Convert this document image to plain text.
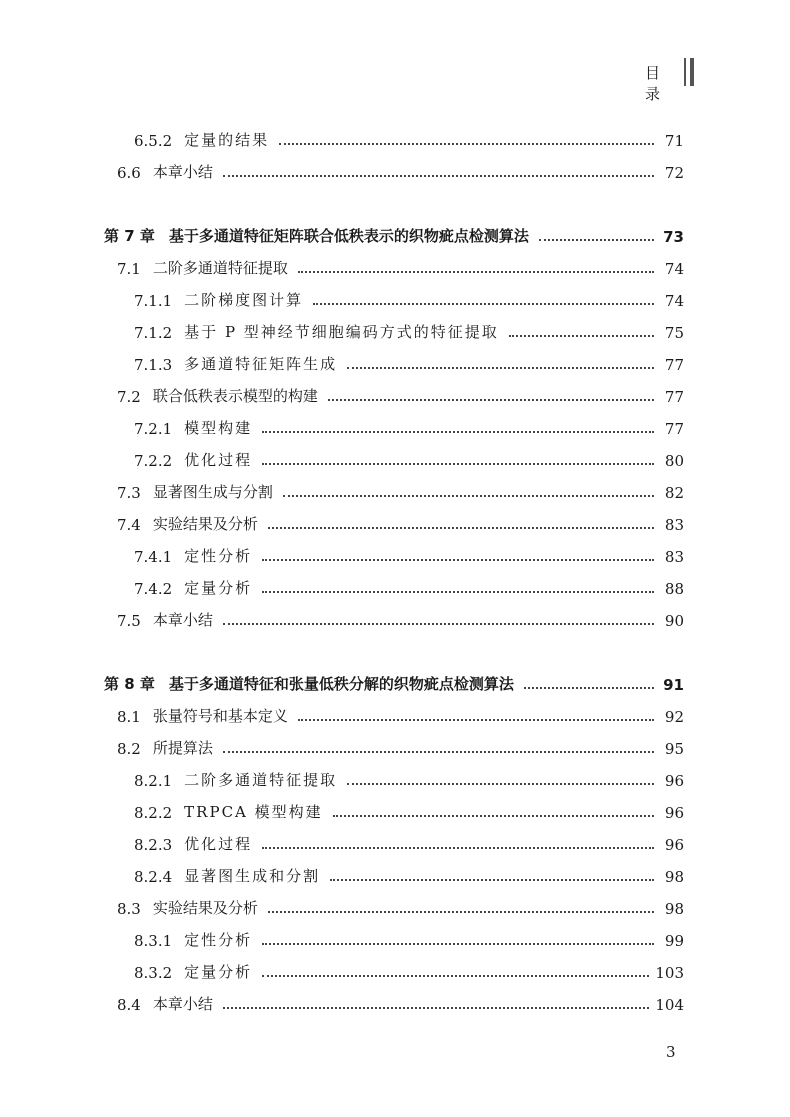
目 录
6.5.2 定量的结果	71
6.6 本章小结	72
第 7 章 基于多通道特征矩阵联合低秩表示的织物疵点检测算法	73
7.1 二阶多通道特征提取	74
7.1.1 二阶梯度图计算	74
7.1.2 基于 P 型神经节细胞编码方式的特征提取	75
7.1.3 多通道特征矩阵生成	77
7.2 联合低秩表示模型的构建	77
7.2.1 模型构建	77
7.2.2 优化过程	80
7.3 显著图生成与分割	82
7.4 实验结果及分析	83
7.4.1 定性分析	83
7.4.2 定量分析	88
7.5 本章小结	90
第 8 章 基于多通道特征和张量低秩分解的织物疵点检测算法	91
8.1 张量符号和基本定义	92
8.2 所提算法	95
8.2.1 二阶多通道特征提取	96
8.2.2 TRPCA 模型构建	96
8.2.3 优化过程	96
8.2.4 显著图生成和分割	98
8.3 实验结果及分析	98
8.3.1 定性分析	99
8.3.2 定量分析	103
8.4 本章小结	104
3
